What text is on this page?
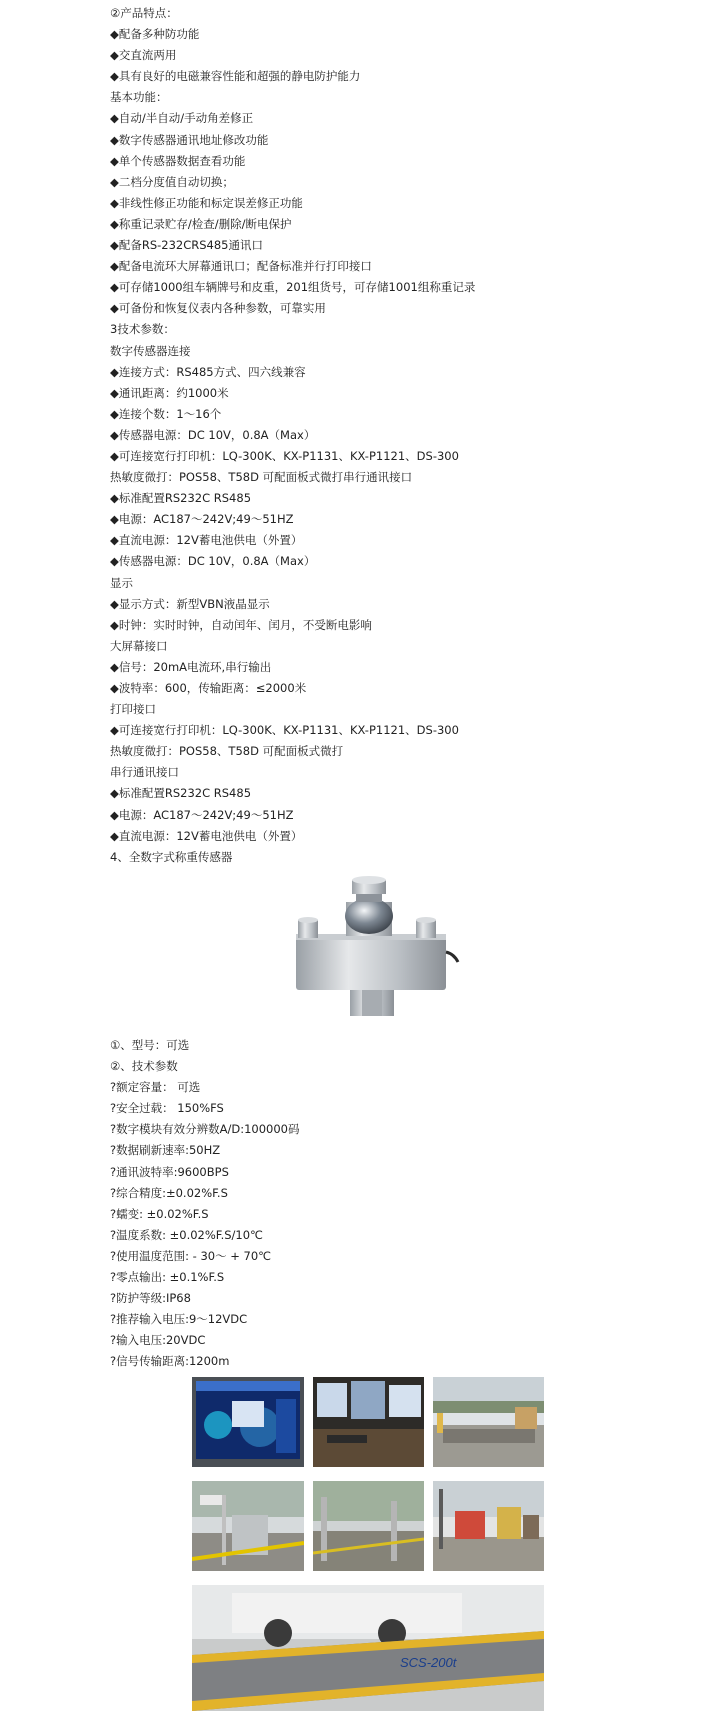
②产品特点：
◆配备多种防功能
◆交直流两用
◆具有良好的电磁兼容性能和超强的静电防护能力
基本功能：
◆自动/半自动/手动角差修正
◆数字传感器通讯地址修改功能
◆单个传感器数据查看功能
◆二档分度值自动切换；
◆非线性修正功能和标定误差修正功能
◆称重记录贮存/检查/删除/断电保护
◆配备RS-232CRS485通讯口
◆配备电流环大屏幕通讯口；配备标准并行打印接口
◆可存储1000组车辆牌号和皮重，201组货号，可存储1001组称重记录
◆可备份和恢复仪表内各种参数，可靠实用
3技术参数：
数字传感器连接
◆连接方式：RS485方式、四六线兼容
◆通讯距离：约1000米
◆连接个数：1～16个
◆传感器电源：DC 10V，0.8A（Max）
◆可连接宽行打印机：LQ-300K、KX-P1131、KX-P1121、DS-300
热敏度微打：POS58、T58D 可配面板式微打串行通讯接口
◆标准配置RS232C RS485
◆电源：AC187～242V;49～51HZ
◆直流电源：12V蓄电池供电（外置）
◆传感器电源：DC 10V，0.8A（Max）
显示
◆显示方式：新型VBN液晶显示
◆时钟：实时时钟，自动闰年、闰月，不受断电影响
大屏幕接口
◆信号：20mA电流环,串行输出
◆波特率：600，传输距离：≤2000米
打印接口
◆可连接宽行打印机：LQ-300K、KX-P1131、KX-P1121、DS-300
热敏度微打：POS58、T58D 可配面板式微打
串行通讯接口
◆标准配置RS232C RS485
◆电源：AC187～242V;49～51HZ
◆直流电源：12V蓄电池供电（外置）
4、全数字式称重传感器
①、型号：可选
②、技术参数
?额定容量： 可选
?安全过载： 150%FS
?数字模块有效分辨数A/D:100000码
?数据刷新速率:50HZ
?通讯波特率:9600BPS
?综合精度:±0.02%F.S
?蠕变: ±0.02%F.S
?温度系数: ±0.02%F.S/10℃
?使用温度范围: - 30～ + 70℃
?零点输出: ±0.1%F.S
?防护等级:IP68
?推荐输入电压:9～12VDC
?输入电压:20VDC
?信号传输距离:1200m
SCS-200t
